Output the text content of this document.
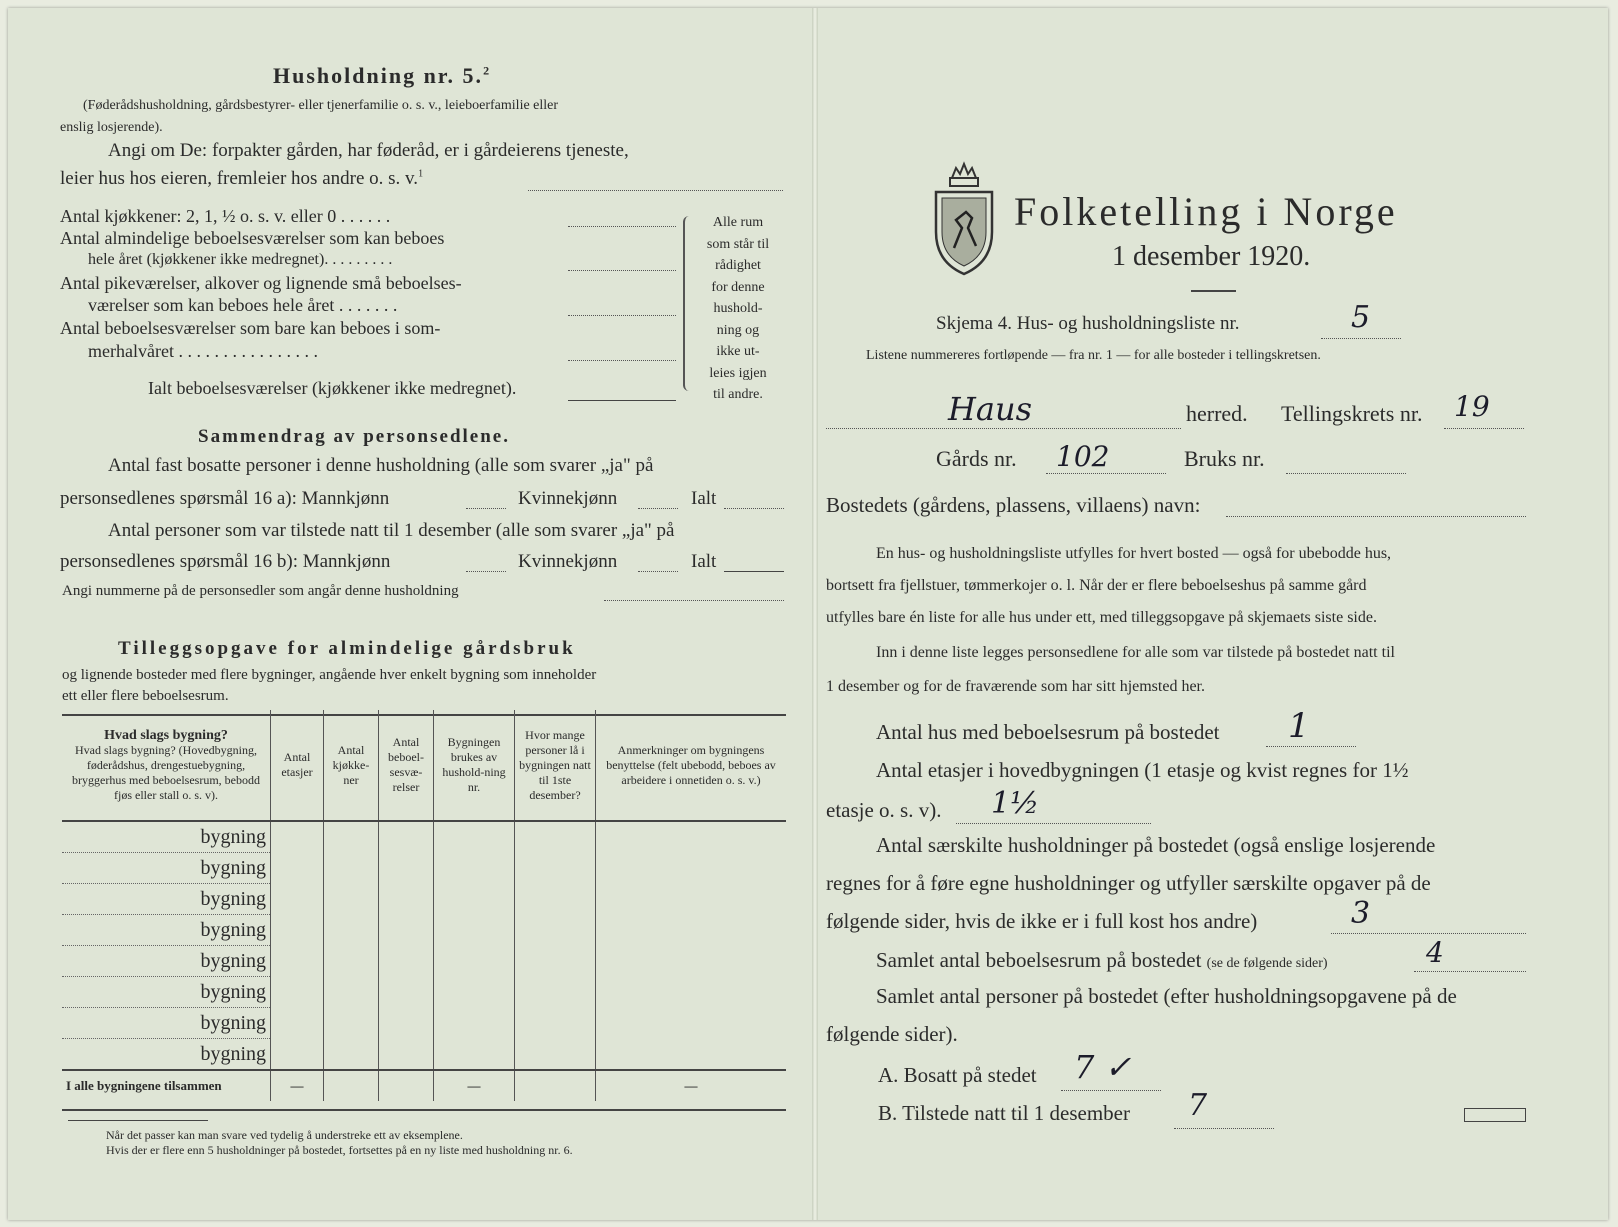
Husholdning nr. 5.$^2$
(Føderådshusholdning, gårdsbestyrer- eller tjenerfamilie o. s. v., leieboerfamilie eller
enslig losjerende).
Angi om De: forpakter gården, har føderåd, er i gårdeierens tjeneste,
leier hus hos eieren, fremleier hos andre o. s. v.$^1$
Antal kjøkkener: 2, 1, ½ o. s. v. eller 0 . . . . . .
Antal almindelige beboelsesværelser som kan beboes
hele året (kjøkkener ikke medregnet). . . . . . . . .
Antal pikeværelser, alkover og lignende små beboelses-
værelser som kan beboes hele året . . . . . . .
Antal beboelsesværelser som bare kan beboes i som-
merhalvåret . . . . . . . . . . . . . . . .
Ialt beboelsesværelser (kjøkkener ikke medregnet).
Alle rum
som står til
rådighet
for denne
hushold-
ning og
ikke ut-
leies igjen
til andre.
Sammendrag av personsedlene.
Antal fast bosatte personer i denne husholdning (alle som svarer „ja" på
personsedlenes spørsmål 16 a): Mannkjønn	Kvinnekjønn	Ialt
Antal personer som var tilstede natt til 1 desember (alle som svarer „ja" på
personsedlenes spørsmål 16 b): Mannkjønn	Kvinnekjønn	Ialt
Angi nummerne på de personsedler som angår denne husholdning
Tilleggsopgave for almindelige gårdsbruk
og lignende bosteder med flere bygninger, angående hver enkelt bygning som inneholder
ett eller flere beboelsesrum.
Hvad slags bygning?
Hvad slags bygning? (Hovedbygning, føderådshus, drengestuebygning, bryggerhus med beboelsesrum, bebodd fjøs eller stall o. s. v).	Antal etasjer	Antal kjøkke-ner	Antal beboel-sesvæ-relser	Bygningen brukes av hushold-ning nr.	Hvor mange personer lå i bygningen natt til 1ste desember?	Anmerkninger om bygningens benyttelse (felt ubebodd, beboes av arbeidere i onnetiden o. s. v.)
bygning						
bygning						
bygning						
bygning						
bygning						
bygning						
bygning						
bygning						
I alle bygningene tilsammen	—			—		—
Når det passer kan man svare ved tydelig å understreke ett av eksemplene.
Hvis der er flere enn 5 husholdninger på bostedet, fortsettes på en ny liste med husholdning nr. 6.
Folketelling i Norge
1 desember 1920.
Skjema 4. Hus- og husholdningsliste nr.	5
Listene nummereres fortløpende — fra nr. 1 — for alle bosteder i tellingskretsen.
Haus	herred. Tellingskrets nr. 19
Gårds nr. 102	Bruks nr.
Bostedets (gårdens, plassens, villaens) navn:
En hus- og husholdningsliste utfylles for hvert bosted — også for ubebodde hus,
bortsett fra fjellstuer, tømmerkojer o. l. Når der er flere beboelseshus på samme gård
utfylles bare én liste for alle hus under ett, med tilleggsopgave på skjemaets siste side.
Inn i denne liste legges personsedlene for alle som var tilstede på bostedet natt til
1 desember og for de fraværende som har sitt hjemsted her.
Antal hus med beboelsesrum på bostedet 1
Antal etasjer i hovedbygningen (1 etasje og kvist regnes for 1½
etasje o. s. v). 1½
Antal særskilte husholdninger på bostedet (også enslige losjerende
regnes for å føre egne husholdninger og utfyller særskilte opgaver på de
følgende sider, hvis de ikke er i full kost hos andre)	3
Samlet antal beboelsesrum på bostedet (se de følgende sider)	4
Samlet antal personer på bostedet (efter husholdningsopgavene på de
følgende sider).
A. Bosatt på stedet 7 ✓
B. Tilstede natt til 1 desember 7
